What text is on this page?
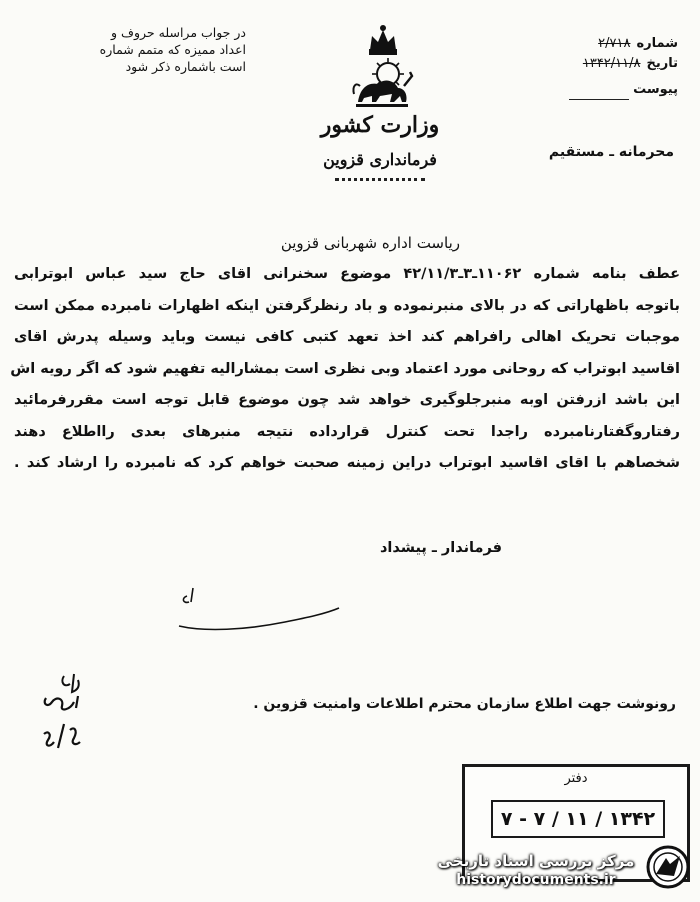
در جواب مراسله حروف و
اعداد ممیزه که متمم شماره
است باشماره ذکر شود
وزارت کشور
فرمانداری قزوین
شماره
۲/۷۱۸
تاریخ
۱۳۴۲/۱۱/۸
پیوست
محرمانه ـ مستقیم
ریاست اداره شهربانی قزوین
عطف بنامه شماره ۱۱۰۶۲ـ۳ـ۴۲/۱۱/۳ موضوع سخنرانی اقای حاج سید عباس ابوترابی
باتوجه باظهاراتی که در بالای منبرنموده و باد رنظرگرفتن اینکه اظهارات نامبرده ممکن است
موجبات تحریک اهالی رافراهم کند اخذ تعهد کتبی کافی نیست وباید وسیله پدرش اقای
اقاسید ابوتراب که روحانی مورد اعتماد وبی نظری است بمشارالیه تفهیم شود که اگر رویه اش
این باشد ازرفتن اوبه منبرجلوگیری خواهد شد چون موضوع قابل توجه است مقررفرمائید
رفتاروگفتارنامبرده راجدا تحت کنترل قرارداده نتیجه منبرهای بعدی رااطلاع دهند
شخصاهم با اقای اقاسید ابوتراب دراین زمینه صحبت خواهم کرد که نامبرده را ارشاد کند .
فرماندار ـ پیشداد
رونوشت جهت اطلاع سازمان محترم اطلاعات وامنیت قزوین .
دفتر
۱۳۴۲ / ۱۱ / ۷ - ۷
مرکز بررسی اسناد تاریخی
historydocuments.ir
